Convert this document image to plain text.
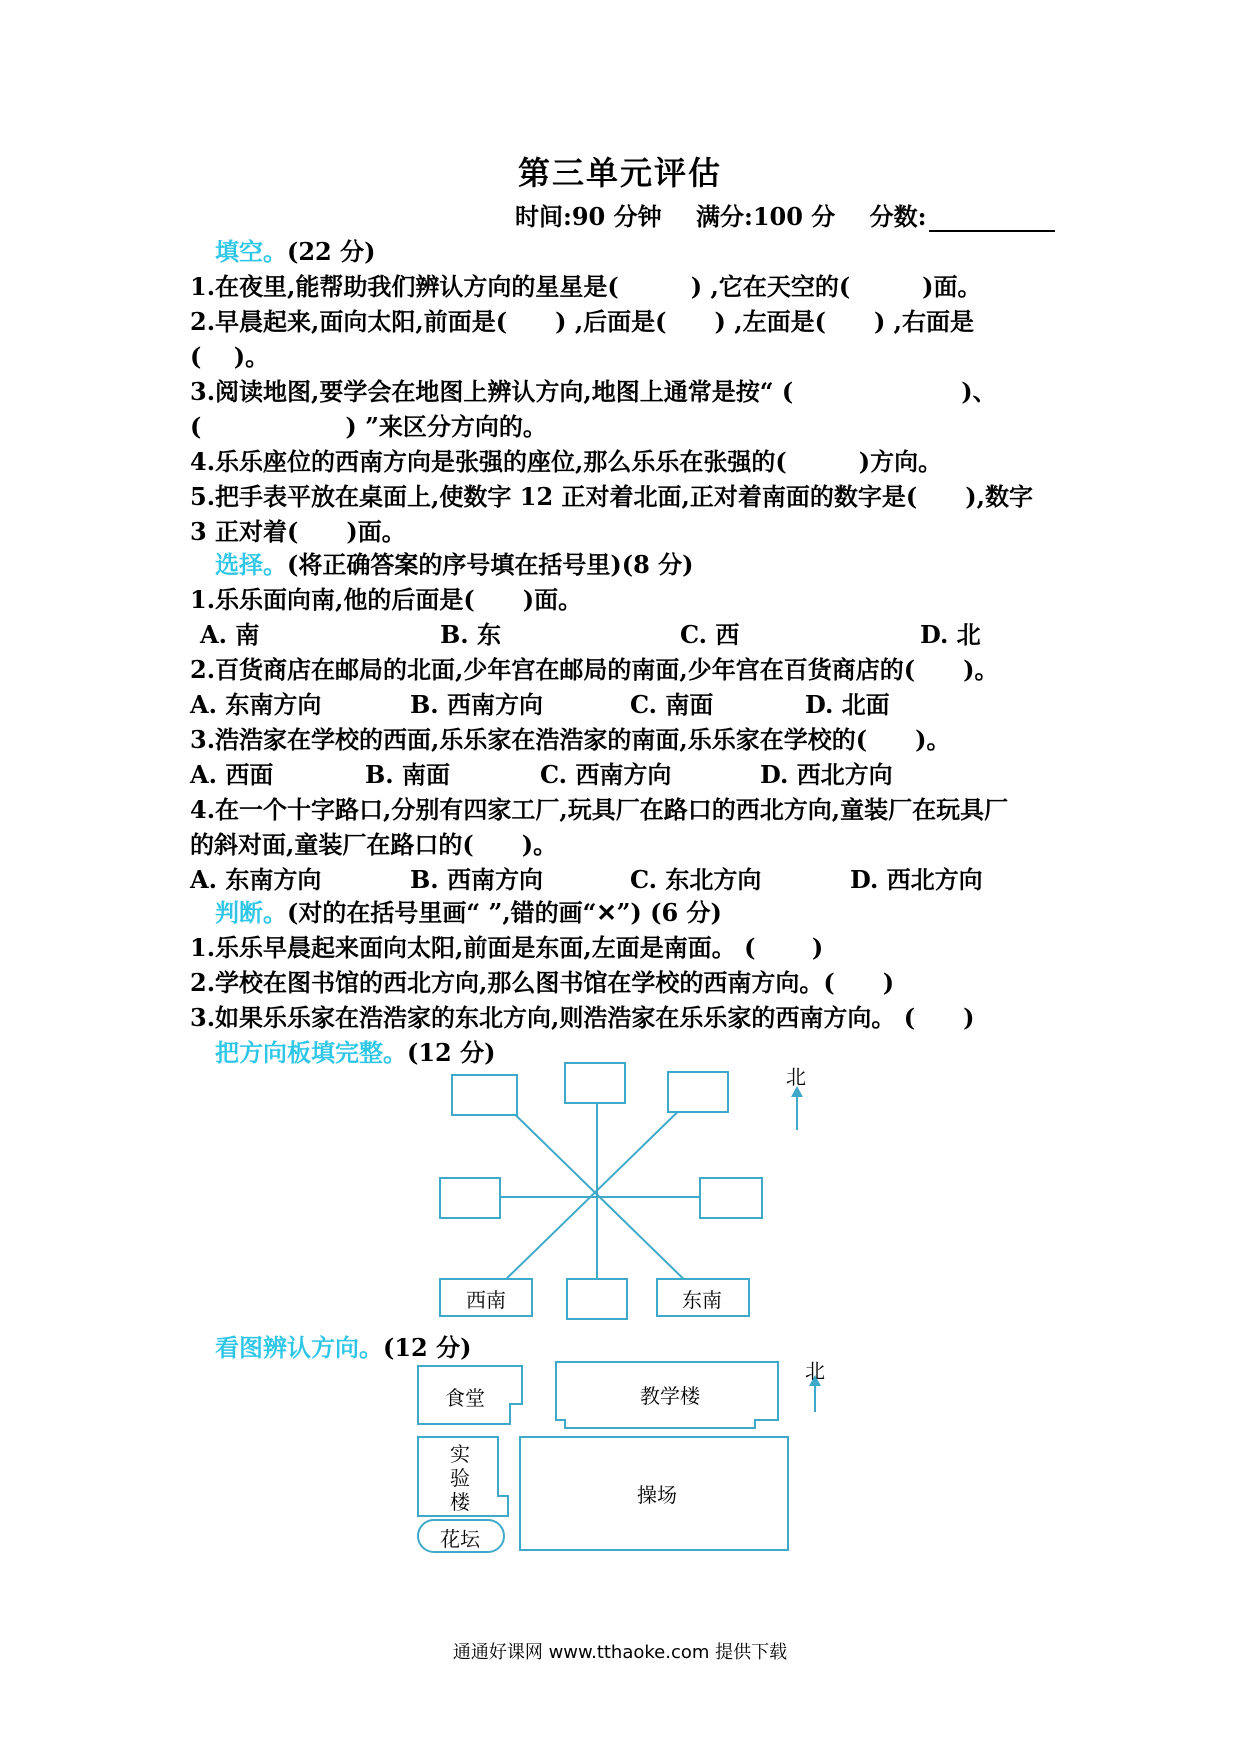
第三单元评估
时间:90 分钟 满分:100 分 分数:
填空。(22 分)
1.在夜里,能帮助我们辨认方向的星星是(　　　) ,它在天空的(　　　)面。
2.早晨起来,面向太阳,前面是(　　) ,后面是(　　) ,左面是(　　) ,右面是
(　 )。
3.阅读地图,要学会在地图上辨认方向,地图上通常是按“ (　　　　　　　)、
(　　　　　　) ”来区分方向的。
4.乐乐座位的西南方向是张强的座位,那么乐乐在张强的(　　　)方向。
5.把手表平放在桌面上,使数字 12 正对着北面,正对着南面的数字是(　　),数字
3 正对着(　　)面。
选择。(将正确答案的序号填在括号里)(8 分)
1.乐乐面向南,他的后面是(　　)面。
A. 南	B. 东	C. 西	D. 北
2.百货商店在邮局的北面,少年宫在邮局的南面,少年宫在百货商店的(　　)。
A. 东南方向	B. 西南方向	C. 南面	D. 北面
3.浩浩家在学校的西面,乐乐家在浩浩家的南面,乐乐家在学校的(　　)。
A. 西面	B. 南面	C. 西南方向	D. 西北方向
4.在一个十字路口,分别有四家工厂,玩具厂在路口的西北方向,童装厂在玩具厂
的斜对面,童装厂在路口的(　　)。
A. 东南方向	B. 西南方向	C. 东北方向	D. 西北方向
判断。(对的在括号里画“ ”,错的画“✕”) (6 分)
1.乐乐早晨起来面向太阳,前面是东面,左面是南面。 (　　 )
2.学校在图书馆的西北方向,那么图书馆在学校的西南方向。(　　)
3.如果乐乐家在浩浩家的东北方向,则浩浩家在乐乐家的西南方向。 (　　)
把方向板填完整。(12 分)
北
西南	东南
看图辨认方向。(12 分)
北
食堂	教学楼
实
验
楼	操场
花坛
通通好课网 www.tthaoke.com 提供下载
